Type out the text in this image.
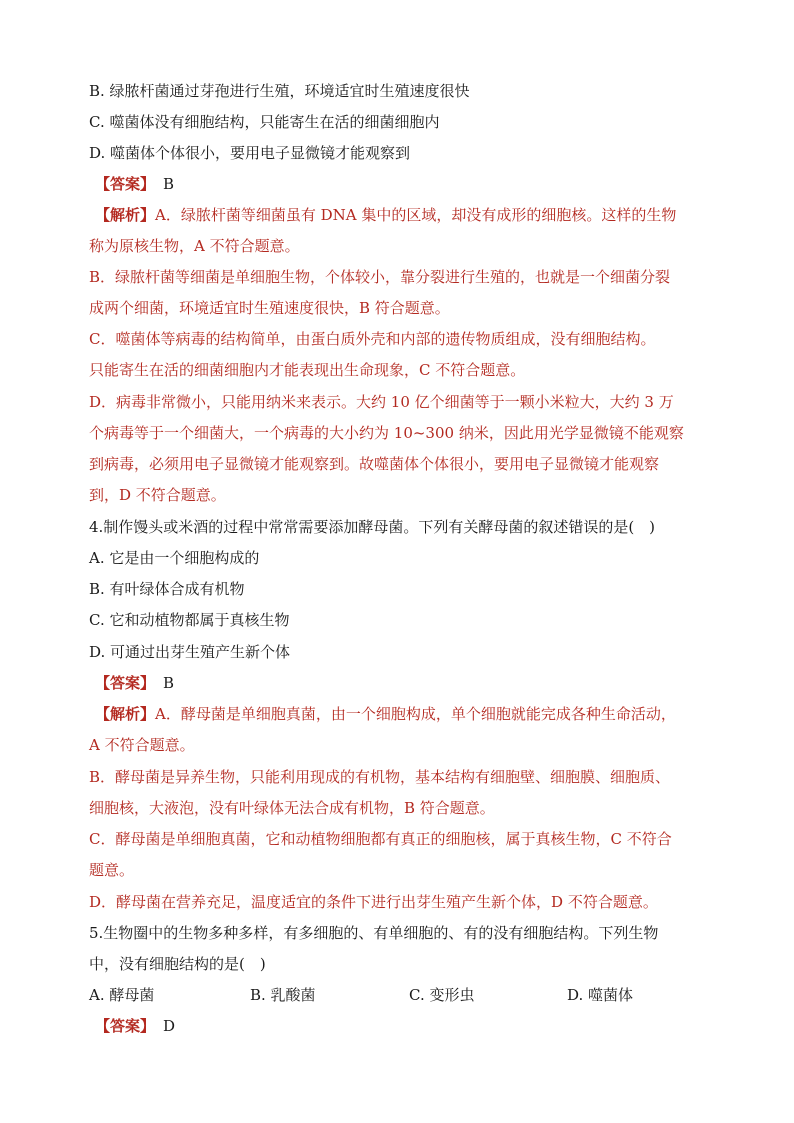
B. 绿脓杆菌通过芽孢进行生殖，环境适宜时生殖速度很快
C. 噬菌体没有细胞结构，只能寄生在活的细菌细胞内
D. 噬菌体个体很小，要用电子显微镜才能观察到
【答案】 B
【解析】A．绿脓杆菌等细菌虽有 DNA 集中的区域，却没有成形的细胞核。这样的生物
称为原核生物，A 不符合题意。
B．绿脓杆菌等细菌是单细胞生物，个体较小，靠分裂进行生殖的，也就是一个细菌分裂
成两个细菌，环境适宜时生殖速度很快，B 符合题意。
C．噬菌体等病毒的结构简单，由蛋白质外壳和内部的遗传物质组成，没有细胞结构。
只能寄生在活的细菌细胞内才能表现出生命现象，C 不符合题意。
D．病毒非常微小，只能用纳米来表示。大约 10 亿个细菌等于一颗小米粒大，大约 3 万
个病毒等于一个细菌大，一个病毒的大小约为 10~300 纳米，因此用光学显微镜不能观察
到病毒，必须用电子显微镜才能观察到。故噬菌体个体很小，要用电子显微镜才能观察
到，D 不符合题意。
4.制作馒头或米酒的过程中常常需要添加酵母菌。下列有关酵母菌的叙述错误的是(　)
A. 它是由一个细胞构成的
B. 有叶绿体合成有机物
C. 它和动植物都属于真核生物
D. 可通过出芽生殖产生新个体
【答案】 B
【解析】A．酵母菌是单细胞真菌，由一个细胞构成，单个细胞就能完成各种生命活动，
A 不符合题意。
B．酵母菌是异养生物，只能利用现成的有机物，基本结构有细胞壁、细胞膜、细胞质、
细胞核，大液泡，没有叶绿体无法合成有机物，B 符合题意。
C．酵母菌是单细胞真菌，它和动植物细胞都有真正的细胞核，属于真核生物，C 不符合
题意。
D．酵母菌在营养充足，温度适宜的条件下进行出芽生殖产生新个体，D 不符合题意。
5.生物圈中的生物多种多样，有多细胞的、有单细胞的、有的没有细胞结构。下列生物
中，没有细胞结构的是(　)
A. 酵母菌	B. 乳酸菌	C. 变形虫	D. 噬菌体
【答案】 D
